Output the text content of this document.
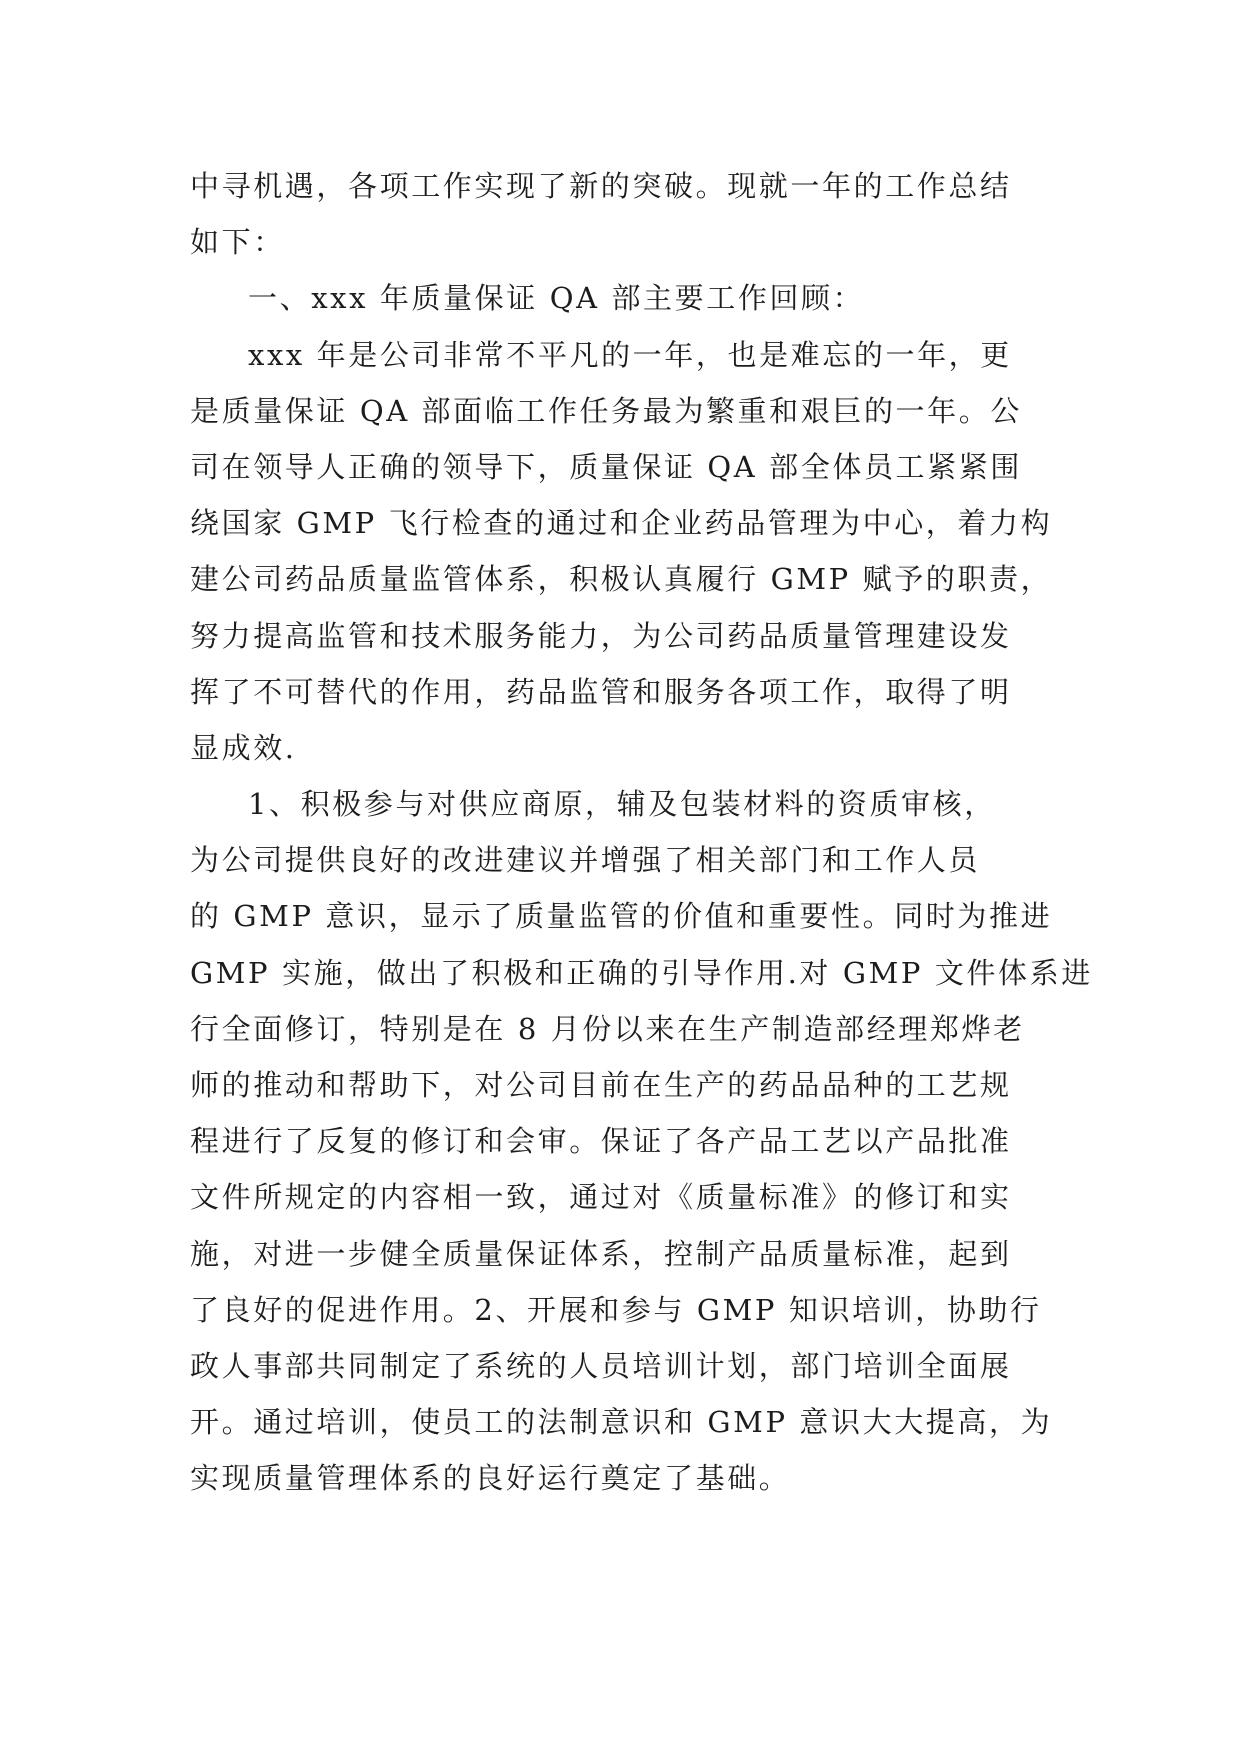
中寻机遇，各项工作实现了新的突破。现就一年的工作总结
如下：
一、xxx 年质量保证 QA 部主要工作回顾：
xxx 年是公司非常不平凡的一年，也是难忘的一年，更
是质量保证 QA 部面临工作任务最为繁重和艰巨的一年。公
司在领导人正确的领导下，质量保证 QA 部全体员工紧紧围
绕国家 GMP 飞行检查的通过和企业药品管理为中心，着力构
建公司药品质量监管体系，积极认真履行 GMP 赋予的职责，
努力提高监管和技术服务能力，为公司药品质量管理建设发
挥了不可替代的作用，药品监管和服务各项工作，取得了明
显成效.
1、积极参与对供应商原，辅及包装材料的资质审核，
为公司提供良好的改进建议并增强了相关部门和工作人员
的 GMP 意识，显示了质量监管的价值和重要性。同时为推进
GMP 实施，做出了积极和正确的引导作用.对 GMP 文件体系进
行全面修订，特别是在 8 月份以来在生产制造部经理郑烨老
师的推动和帮助下，对公司目前在生产的药品品种的工艺规
程进行了反复的修订和会审。保证了各产品工艺以产品批准
文件所规定的内容相一致，通过对《质量标准》的修订和实
施，对进一步健全质量保证体系，控制产品质量标准，起到
了良好的促进作用。2、开展和参与 GMP 知识培训，协助行
政人事部共同制定了系统的人员培训计划，部门培训全面展
开。通过培训，使员工的法制意识和 GMP 意识大大提高，为
实现质量管理体系的良好运行奠定了基础。
